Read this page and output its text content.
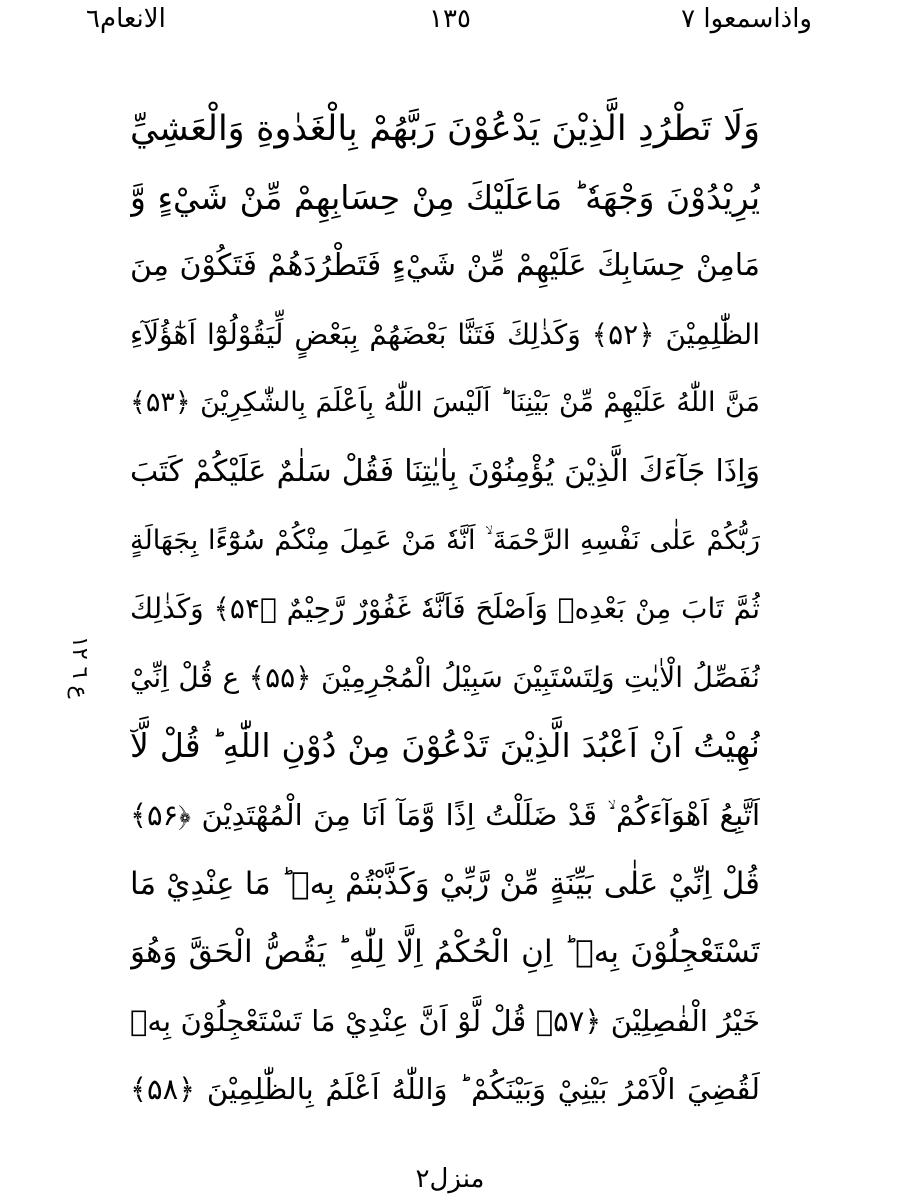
الانعام٦	١٣٥	واذاسمعوا ٧
ع ٦ ١٢
وَلَا تَطْرُدِ الَّذِيْنَ يَدْعُوْنَ رَبَّهُمْ بِالْغَدٰوةِ وَالْعَشِيِّ
يُرِيْدُوْنَ وَجْهَهٗ ؕ مَاعَلَيْكَ مِنْ حِسَابِهِمْ مِّنْ شَيْءٍ وَّ
مَامِنْ حِسَابِكَ عَلَيْهِمْ مِّنْ شَيْءٍ فَتَطْرُدَهُمْ فَتَكُوْنَ مِنَ
الظّٰلِمِيْنَ ﴿۵۲﴾ وَكَذٰلِكَ فَتَنَّا بَعْضَهُمْ بِبَعْضٍ لِّيَقُوْلُوْٓا اَهٰٓؤُلَآءِ
مَنَّ اللّٰهُ عَلَيْهِمْ مِّنْ بَيْنِنَا ؕ اَلَيْسَ اللّٰهُ بِاَعْلَمَ بِالشّٰكِرِيْنَ ﴿۵۳﴾
وَاِذَا جَآءَكَ الَّذِيْنَ يُؤْمِنُوْنَ بِاٰيٰتِنَا فَقُلْ سَلٰمٌ عَلَيْكُمْ كَتَبَ
رَبُّكُمْ عَلٰى نَفْسِهِ الرَّحْمَةَ ۙ اَنَّهٗ مَنْ عَمِلَ مِنْكُمْ سُوْٓءًا بِجَهَالَةٍ
ثُمَّ تَابَ مِنْ بَعْدِهٖ وَاَصْلَحَ فَاَنَّهٗ غَفُوْرٌ رَّحِيْمٌ ﴿۵۴﴾ وَكَذٰلِكَ
نُفَصِّلُ الْاٰيٰتِ وَلِتَسْتَبِيْنَ سَبِيْلُ الْمُجْرِمِيْنَ ﴿۵۵﴾ ع قُلْ اِنِّيْ
نُهِيْتُ اَنْ اَعْبُدَ الَّذِيْنَ تَدْعُوْنَ مِنْ دُوْنِ اللّٰهِ ؕ قُلْ لَّآ
اَتَّبِعُ اَهْوَآءَكُمْ ۙ قَدْ ضَلَلْتُ اِذًا وَّمَآ اَنَا مِنَ الْمُهْتَدِيْنَ ﴿۵۶﴾
قُلْ اِنِّيْ عَلٰى بَيِّنَةٍ مِّنْ رَّبِّيْ وَكَذَّبْتُمْ بِهٖ ؕ مَا عِنْدِيْ مَا
تَسْتَعْجِلُوْنَ بِهٖ ؕ اِنِ الْحُكْمُ اِلَّا لِلّٰهِ ؕ يَقُصُّ الْحَقَّ وَهُوَ
خَيْرُ الْفٰصِلِيْنَ ﴿۵۷﴾ قُلْ لَّوْ اَنَّ عِنْدِيْ مَا تَسْتَعْجِلُوْنَ بِهٖ
لَقُضِيَ الْاَمْرُ بَيْنِيْ وَبَيْنَكُمْ ؕ وَاللّٰهُ اَعْلَمُ بِالظّٰلِمِيْنَ ﴿۵۸﴾
منزل٢
